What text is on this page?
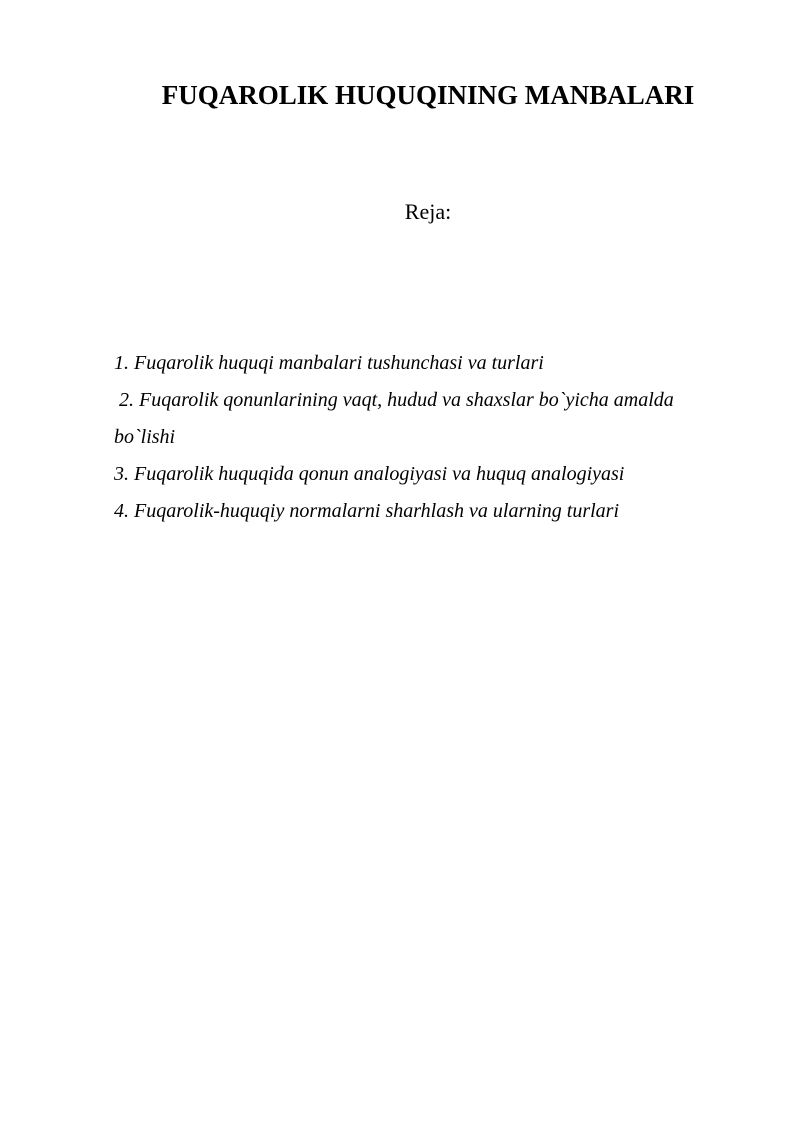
FUQAROLIK HUQUQINING MANBALARI
Reja:
1. Fuqarolik huquqi manbalari tushunchasi va turlari
2. Fuqarolik qonunlarining vaqt, hudud va shaxslar bo`yicha amalda bo`lishi
3. Fuqarolik huquqida qonun analogiyasi va huquq analogiyasi
4. Fuqarolik-huquqiy normalarni sharhlash va ularning turlari
